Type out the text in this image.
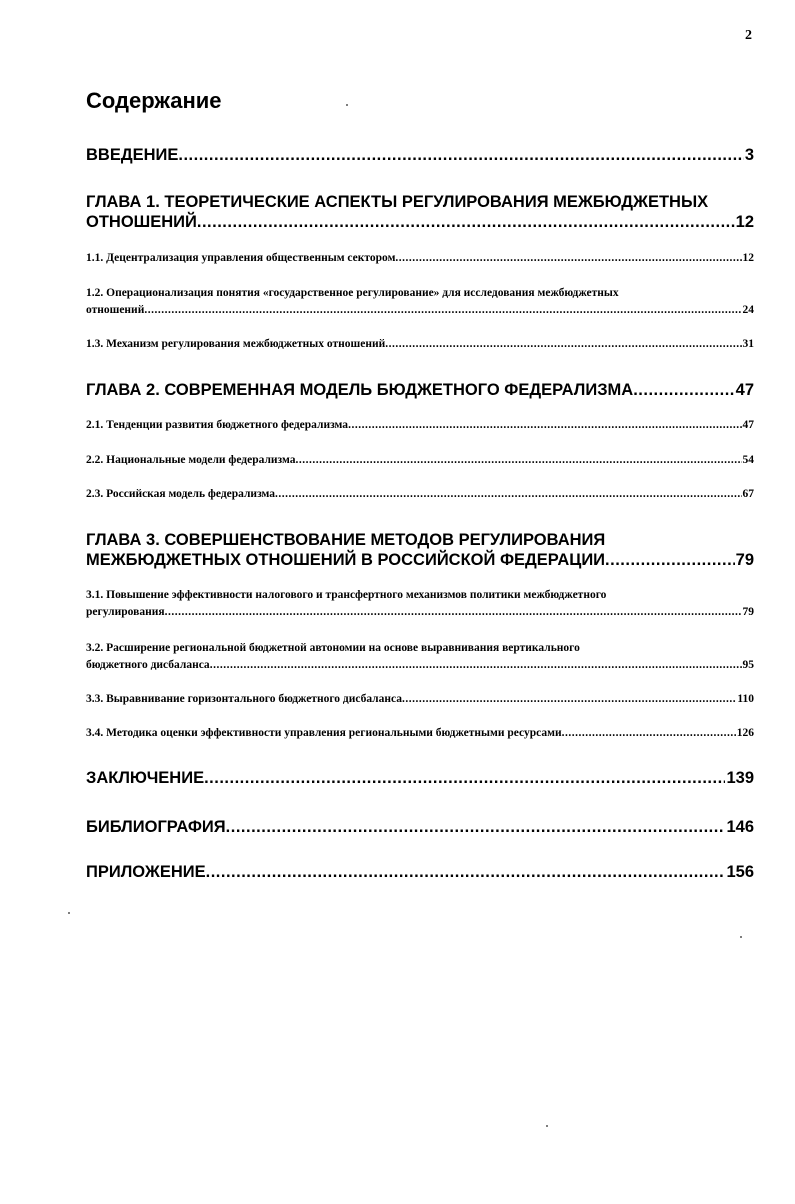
2
Содержание
ВВЕДЕНИЕ .....	3
ГЛАВА 1. ТЕОРЕТИЧЕСКИЕ АСПЕКТЫ РЕГУЛИРОВАНИЯ МЕЖБЮДЖЕТНЫХ
ОТНОШЕНИЙ .....	12
1.1. Децентрализация управления общественным сектором .....	12
1.2. Операционализация понятия «государственное регулирование» для исследования межбюджетных
отношений .....	24
1.3. Механизм регулирования межбюджетных отношений .....	31
ГЛАВА 2. СОВРЕМЕННАЯ МОДЕЛЬ БЮДЖЕТНОГО ФЕДЕРАЛИЗМА .....	47
2.1. Тенденции развития бюджетного федерализма .....	47
2.2. Национальные модели федерализма .....	54
2.3. Российская модель федерализма .....	67
ГЛАВА 3. СОВЕРШЕНСТВОВАНИЕ МЕТОДОВ РЕГУЛИРОВАНИЯ
МЕЖБЮДЖЕТНЫХ ОТНОШЕНИЙ В РОССИЙСКОЙ ФЕДЕРАЦИИ .....	79
3.1. Повышение эффективности налогового и трансфертного механизмов политики межбюджетного
регулирования .....	79
3.2. Расширение региональной бюджетной автономии на основе выравнивания вертикального
бюджетного дисбаланса .....	95
3.3. Выравнивание горизонтального бюджетного дисбаланса .....	110
3.4. Методика оценки эффективности управления региональными бюджетными ресурсами .....	126
ЗАКЛЮЧЕНИЕ .....	139
БИБЛИОГРАФИЯ .....	146
ПРИЛОЖЕНИЕ .....	156
